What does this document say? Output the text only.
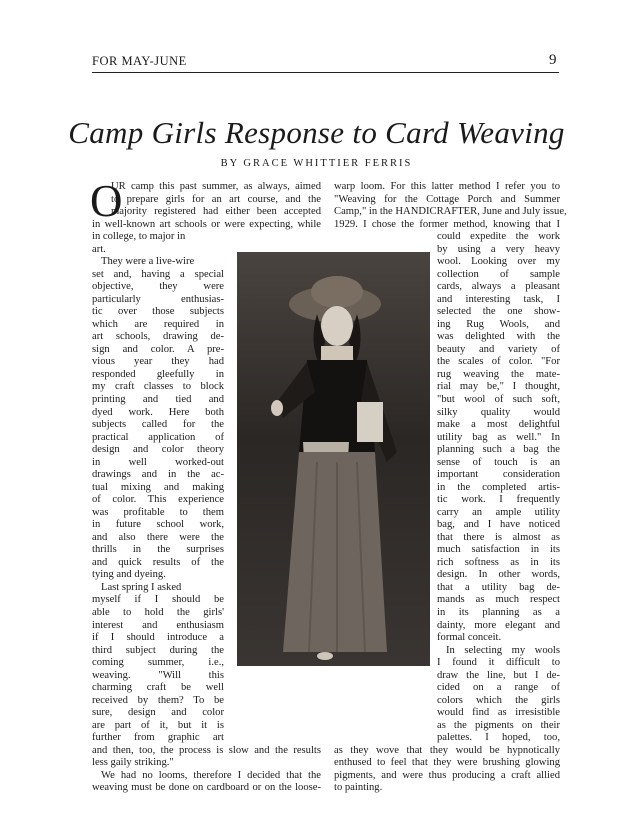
FOR MAY-JUNE	9
Camp Girls Response to Card Weaving
BY GRACE WHITTIER FERRIS
O
UR camp this past summer, as always, aimed
to prepare girls for an art course, and the
majority registered had either been accepted
in well-known art schools or were expecting, while
in college, to major in
art.
They were a live-wire
set and, having a special
objective, they were
particularly enthusias-
tic over those subjects
which are required in
art schools, drawing de-
sign and color. A pre-
vious year they had
responded gleefully in
my craft classes to block
printing and tied and
dyed work. Here both
subjects called for the
practical application of
design and color theory
in well worked-out
drawings and in the ac-
tual mixing and making
of color. This experience
was profitable to them
in future school work,
and also there were the
thrills in the surprises
and quick results of the
tying and dyeing.
Last spring I asked
myself if I should be
able to hold the girls'
interest and enthusiasm
if I should introduce a
third subject during the
coming summer, i.e.,
weaving. "Will this
charming craft be well
received by them? To be
sure, design and color
are part of it, but it is
further from graphic art
and then, too, the process is slow and the results
less gaily striking."
We had no looms, therefore I decided that the
weaving must be done on cardboard or on the loose-
warp loom. For this latter method I refer you to
"Weaving for the Cottage Porch and Summer
Camp," in the HANDICRAFTER, June and July issue,
1929. I chose the former method, knowing that I
could expedite the work
by using a very heavy
wool. Looking over my
collection of sample
cards, always a pleasant
and interesting task, I
selected the one show-
ing Rug Wools, and
was delighted with the
beauty and variety of
the scales of color. "For
rug weaving the mate-
rial may be," I thought,
"but wool of such soft,
silky quality would
make a most delightful
utility bag as well." In
planning such a bag the
sense of touch is an
important consideration
in the completed artis-
tic work. I frequently
carry an ample utility
bag, and I have noticed
that there is almost as
much satisfaction in its
rich softness as in its
design. In other words,
that a utility bag de-
mands as much respect
in its planning as a
dainty, more elegant and
formal conceit.
In selecting my wools
I found it difficult to
draw the line, but I de-
cided on a range of
colors which the girls
would find as irresistible
as the pigments on their
palettes. I hoped, too,
as they wove that they would be hypnotically
enthused to feel that they were brushing glowing
pigments, and were thus producing a craft allied
to painting.
